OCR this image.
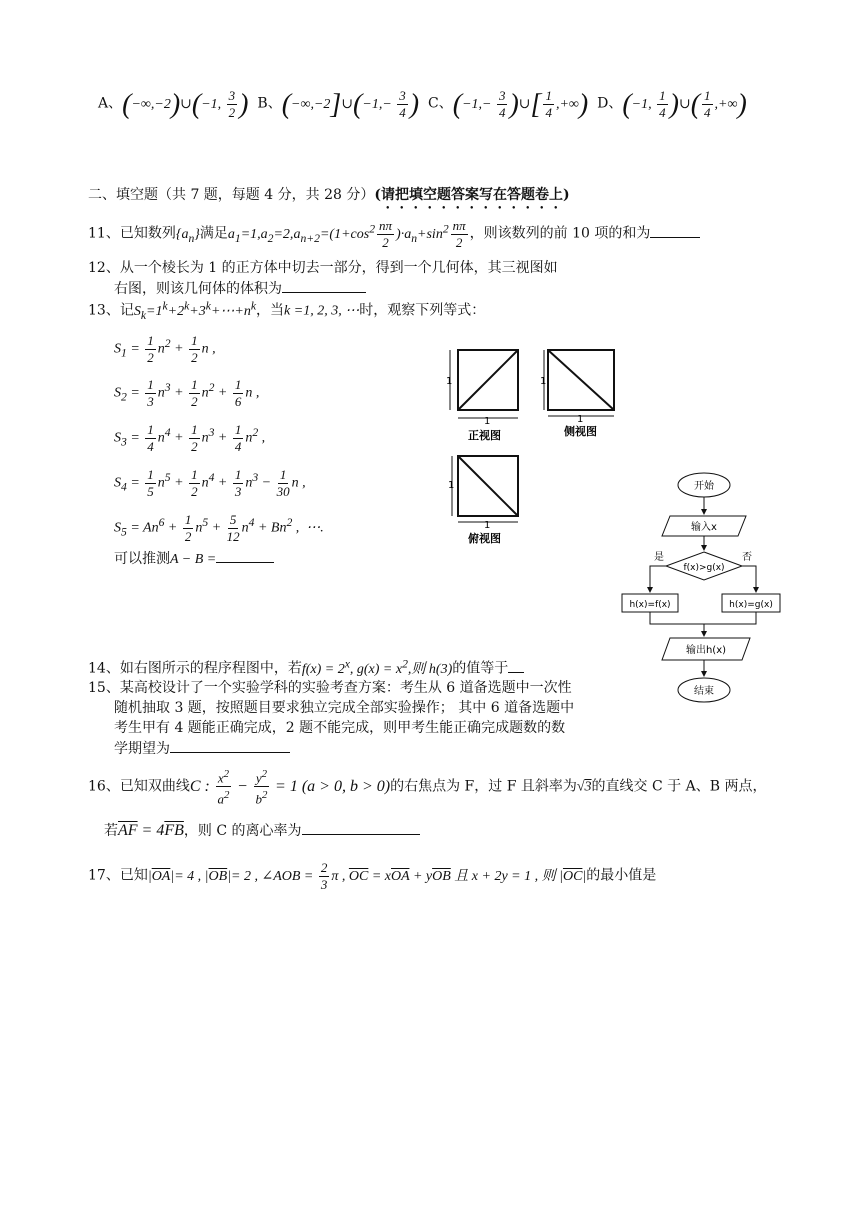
A、(−∞,−2)∪(−1, $\frac{3}{2}$ ) B、(−∞,−2]∪(−1,− $\frac{3}{4}$ ) C、($-1,- \frac{3}{4}$ )∪[ $\frac{1}{4}$ ,+∞) D、(−1, $\frac{1}{4}$ )∪( $\frac{1}{4}$ ,+∞)
二、填空题（共 7 题，每题 4 分，共 28 分）(请把填空题答案写在答题卷上)
11、已知数列$\{a_n\}$满足$a_1=1,a_2=2,a_{n+2}=(1+\cos^2 \frac{n\pi}{2} )\cdot a_n+\sin^2 \frac{n\pi}{2}$ ，则该数列的前 10 项的和为
12、从一个棱长为 1 的正方体中切去一部分，得到一个几何体，其三视图如
右图，则该几何体的体积为
13、记$S_k=1^k+2^k+3^k+\cdots+n^k$，当k =1, 2, 3, ⋯时，观察下列等式：
$S_1 = \frac{1}{2} n^2 + \frac{1}{2}$ n ,
$S_2 = \frac{1}{3} n^3 + \frac{1}{2} n^2 + \frac{1}{6}$ n ,
$S_3 = \frac{1}{4} n^4 + \frac{1}{2} n^3 + \frac{1}{4} n^2$ ,
$S_4 = \frac{1}{5} n^5 + \frac{1}{2} n^4 + \frac{1}{3} n^3 - \frac{1}{30}$ n ,
$S_5 = An^6 + \frac{1}{2} n^5 + \frac{5}{12} n^4 + Bn^2$ ,  ⋯.
可以推测A − B =
1
1
正视图
1
1
侧视图
1
1
俯视图
开始
输入x
f(x)>g(x)
是	否
h(x)=f(x)	h(x)=g(x)
输出h(x)
结束
14、如右图所示的程序程图中，若$f(x) = 2^x$, $g(x) = x^2$,则 h(3)的值等于
15、某高校设计了一个实验学科的实验考查方案：考生从 6 道备选题中一次性
随机抽取 3 题，按照题目要求独立完成全部实验操作； 其中 6 道备选题中
考生甲有 4 题能正确完成，2 题不能完成，则甲考生能正确完成题数的数
学期望为
16、已知双曲线C : $\frac{x^2}{a^2} - \frac{y^2}{b^2} = 1$ (a > 0, b > 0)的右焦点为 F，过 F 且斜率为√3的直线交 C 于 A、B 两点，
若$\overline{AF} = 4\overline{FB}$，则 C 的离心率为
17、已知$|\overline{OA}|= 4$ , $|\overline{OB}|= 2$ , ∠AOB = $\frac{2}{3}$ π , $\overline{OC} = x\overline{OA} + y\overline{OB}$ 且 x + 2y = 1 , 则 $|\overline{OC}|$的最小值是
